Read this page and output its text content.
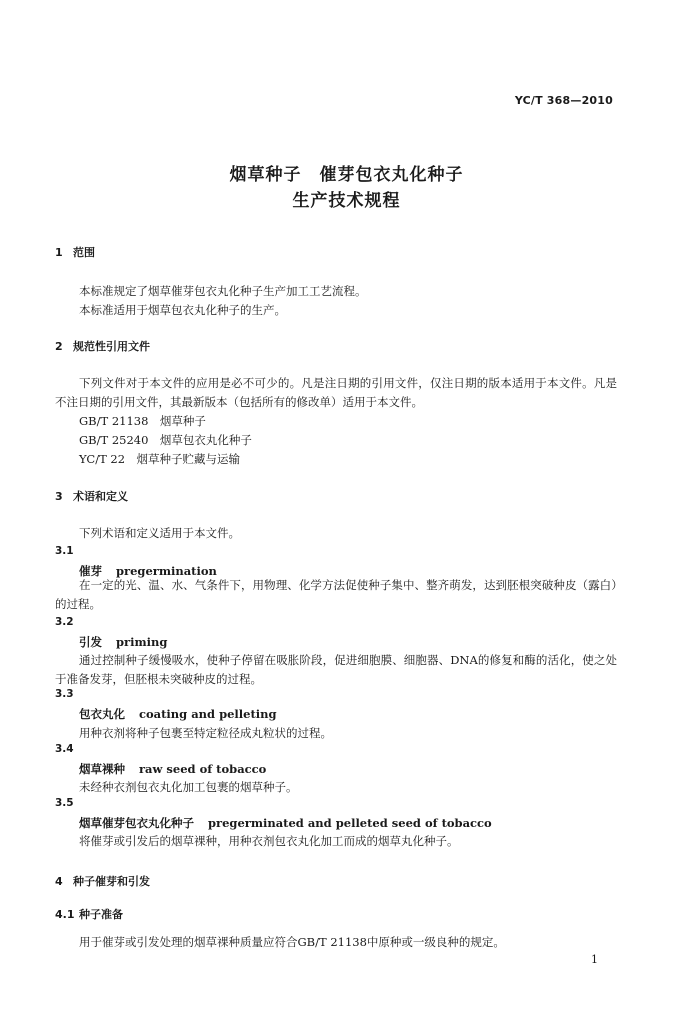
YC/T 368—2010
烟草种子　催芽包衣丸化种子
生产技术规程
1 范围
本标准规定了烟草催芽包衣丸化种子生产加工工艺流程。
本标准适用于烟草包衣丸化种子的生产。
2 规范性引用文件

下列文件对于本文件的应用是必不可少的。凡是注日期的引用文件，仅注日期的版本适用于本文件。凡是不注日期的引用文件，其最新版本（包括所有的修改单）适用于本文件。

GB/T 21138　烟草种子
GB/T 25240　烟草包衣丸化种子
YC/T 22　烟草种子贮藏与运输
3 术语和定义
下列术语和定义适用于本文件。
3.1
催芽 pregermination

在一定的光、温、水、气条件下，用物理、化学方法促使种子集中、整齐萌发，达到胚根突破种皮（露白）的过程。

3.2
引发 priming

通过控制种子缓慢吸水，使种子停留在吸胀阶段，促进细胞膜、细胞器、DNA的修复和酶的活化，使之处于准备发芽，但胚根未突破种皮的过程。

3.3
包衣丸化 coating and pelleting
用种衣剂将种子包裹至特定粒径成丸粒状的过程。
3.4
烟草裸种 raw seed of tobacco
未经种衣剂包衣丸化加工包裹的烟草种子。
3.5
烟草催芽包衣丸化种子 pregerminated and pelleted seed of tobacco
将催芽或引发后的烟草裸种，用种衣剂包衣丸化加工而成的烟草丸化种子。
4 种子催芽和引发
4.1 种子准备
用于催芽或引发处理的烟草裸种质量应符合GB/T 21138中原种或一级良种的规定。
1
